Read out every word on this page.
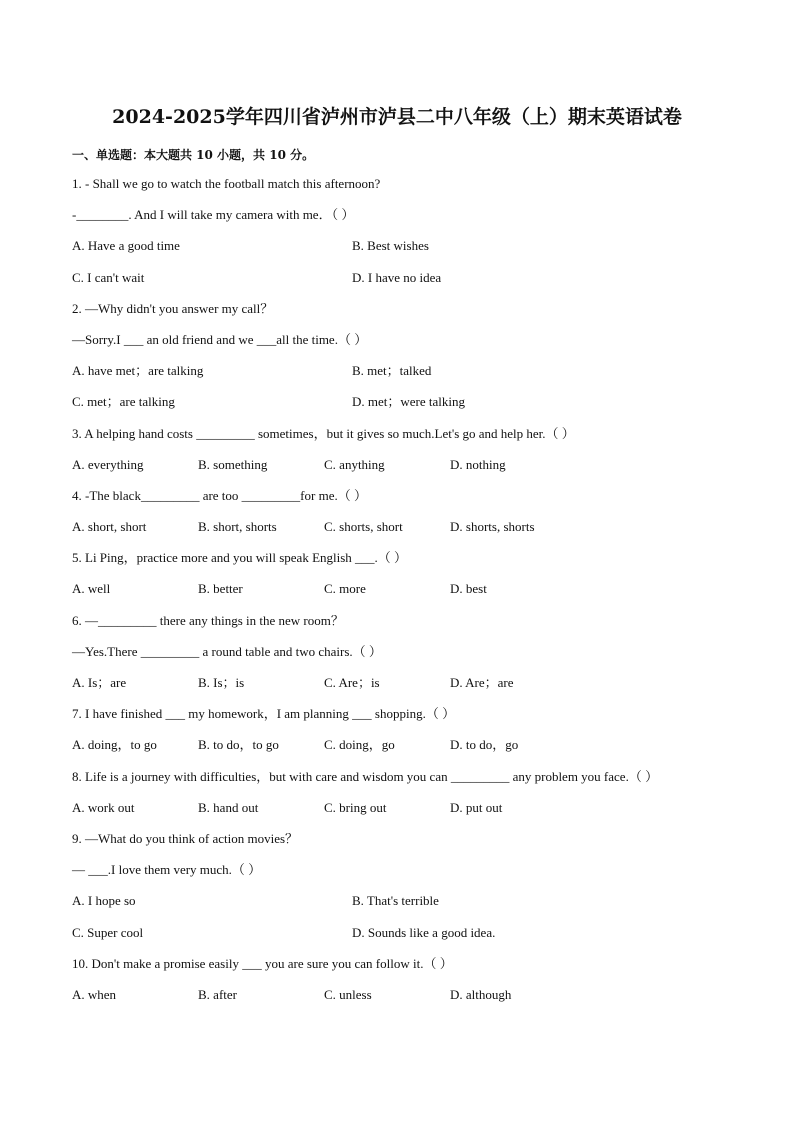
2024-2025学年四川省泸州市泸县二中八年级（上）期末英语试卷
一、单选题：本大题共 10 小题，共 10 分。
1. - Shall we go to watch the football match this afternoon?
-________. And I will take my camera with me．（ ）
A. Have a good time	B. Best wishes
C. I can't wait	D. I have no idea
2. —Why didn't you answer my call？
—Sorry.I ___ an old friend and we ___all the time.（ ）
A. have met；are talking	B. met；talked
C. met；are talking	D. met；were talking
3. A helping hand costs _________ sometimes，but it gives so much.Let's go and help her.（ ）
A. everything	B. something	C. anything	D. nothing
4. -The black_________ are too _________for me.（ ）
A. short, short	B. short, shorts	C. shorts, short	D. shorts, shorts
5. Li Ping，practice more and you will speak English ___.（ ）
A. well	B. better	C. more	D. best
6. —_________ there any things in the new room？
—Yes.There _________ a round table and two chairs.（ ）
A. Is；are	B. Is；is	C. Are；is	D. Are；are
7. I have finished ___ my homework，I am planning ___ shopping.（ ）
A. doing，to go	B. to do，to go	C. doing，go	D. to do，go
8. Life is a journey with difficulties，but with care and wisdom you can _________ any problem you face.（ ）
A. work out	B. hand out	C. bring out	D. put out
9. —What do you think of action movies？
— ___.I love them very much.（ ）
A. I hope so	B. That's terrible
C. Super cool	D. Sounds like a good idea.
10. Don't make a promise easily ___ you are sure you can follow it.（ ）
A. when	B. after	C. unless	D. although
